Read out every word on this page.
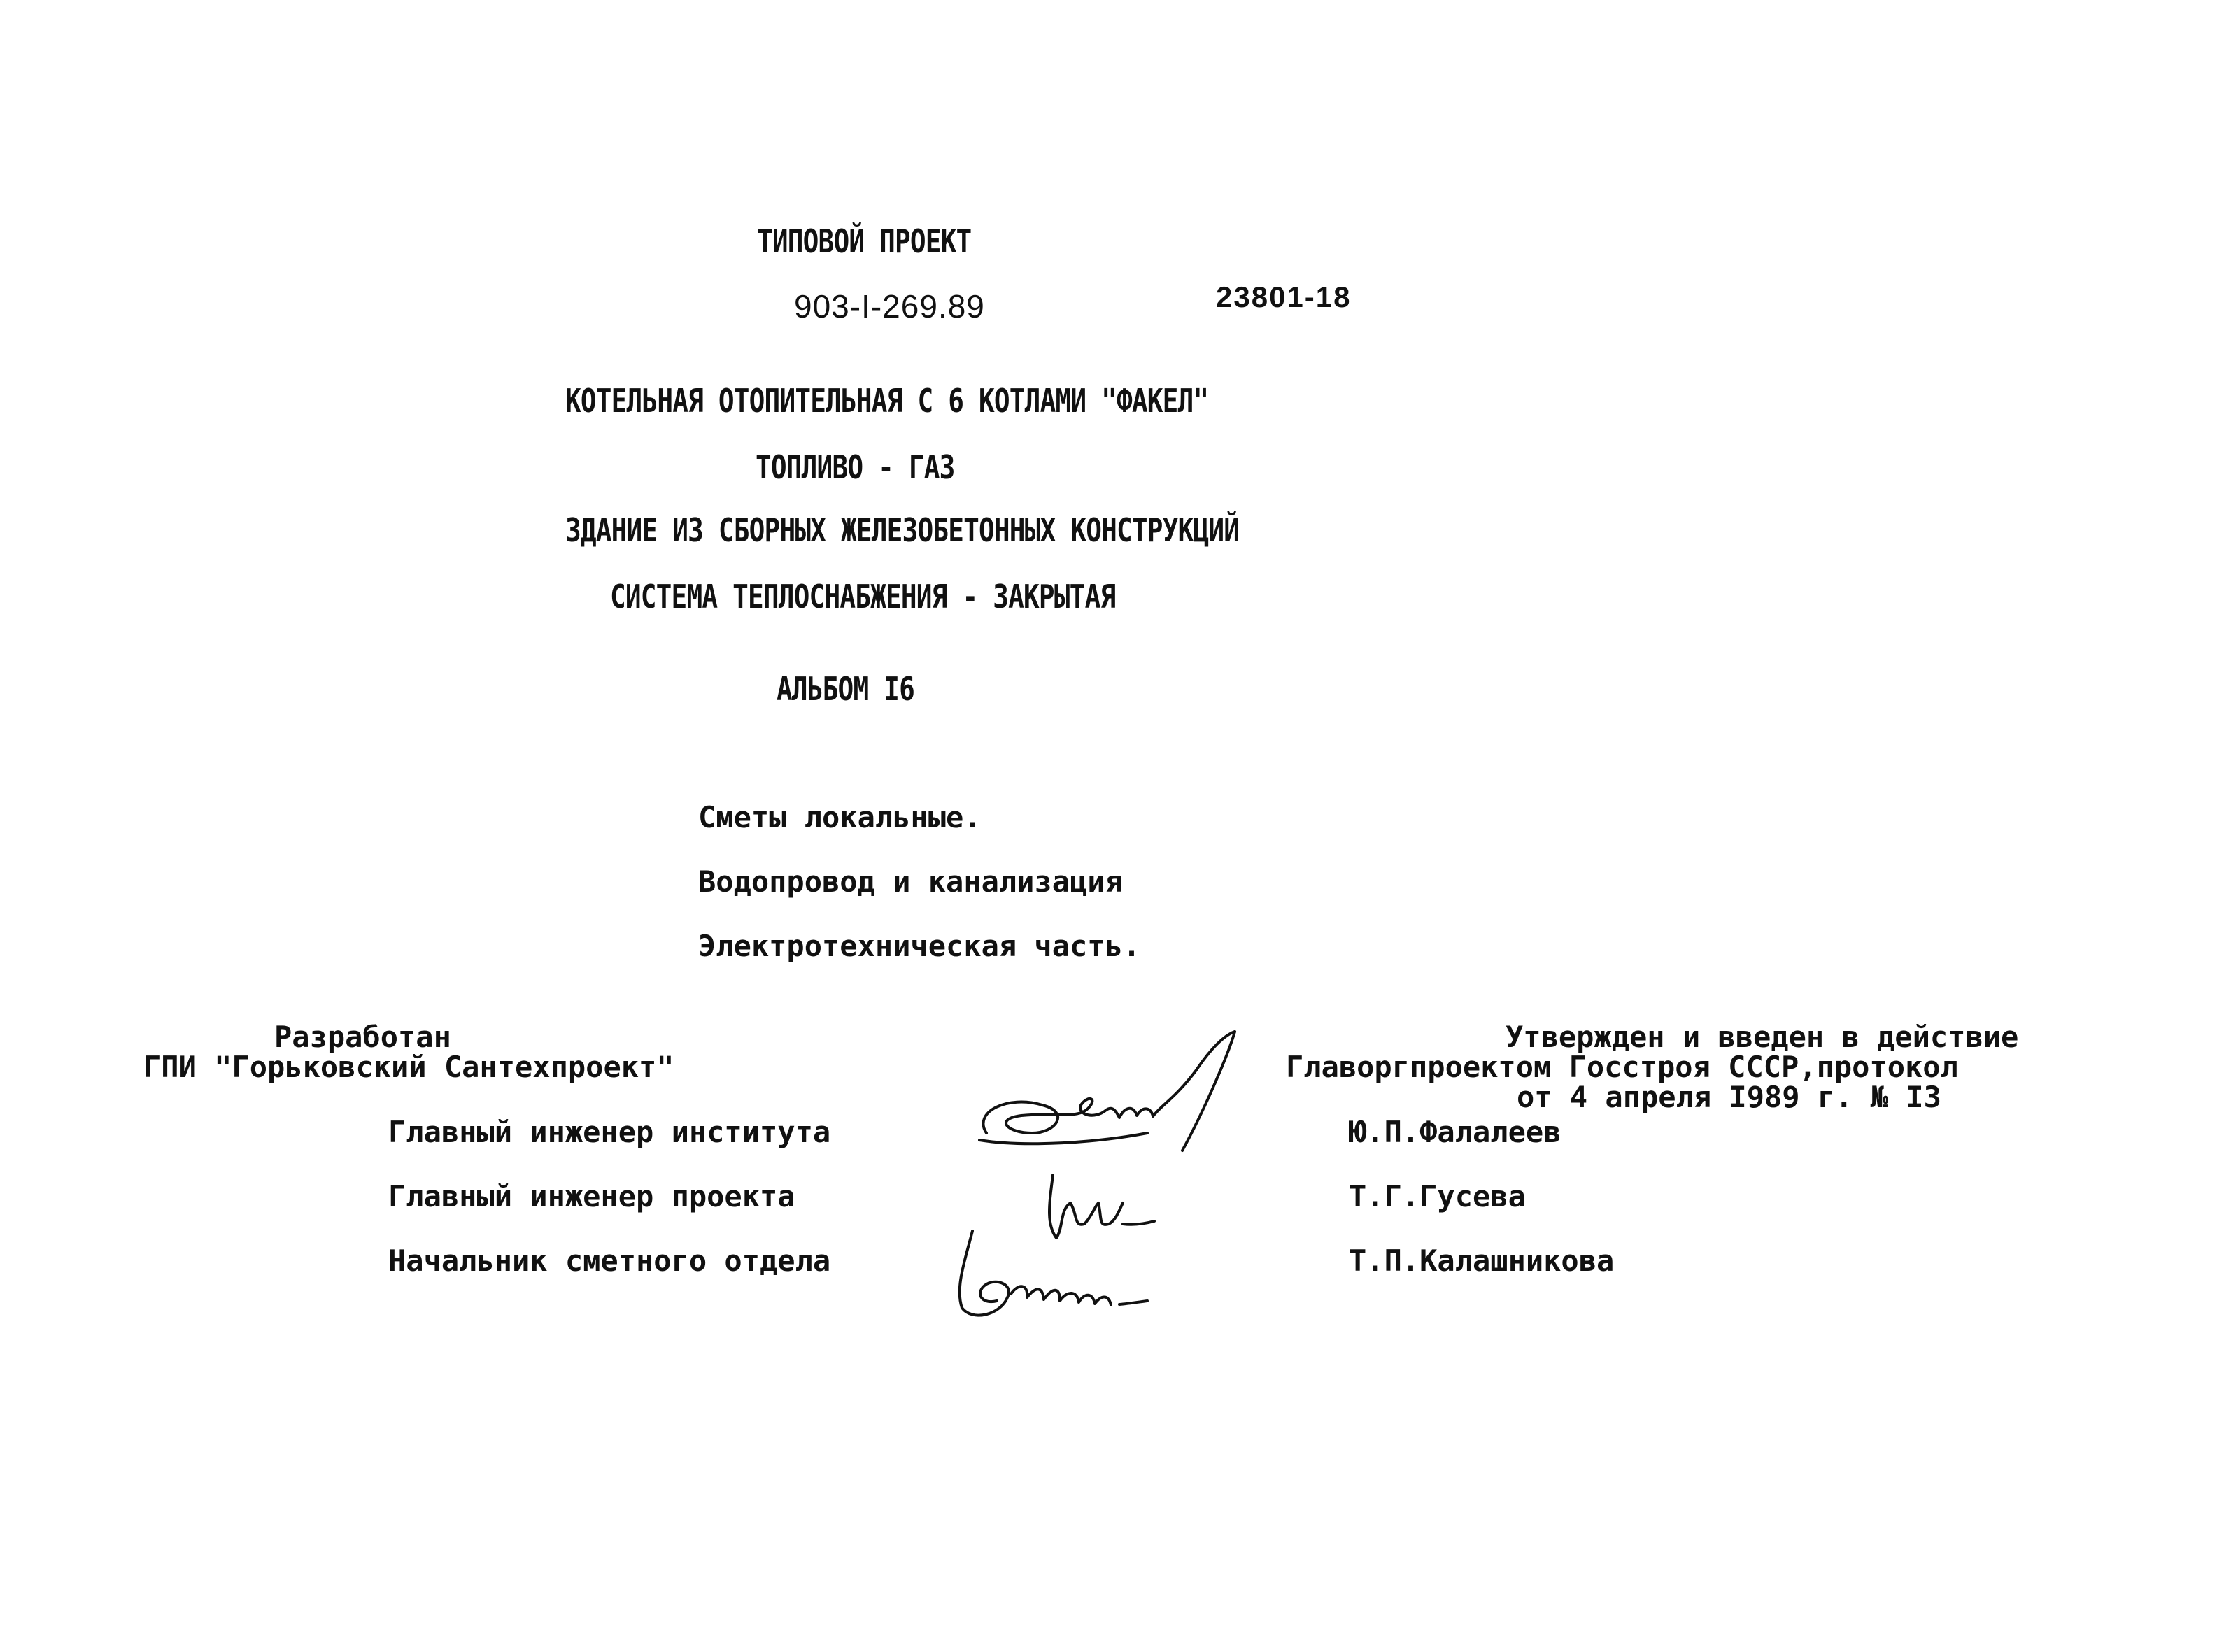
ТИПОВОЙ ПРОЕКТ
903-I-269.89	23801-18
КОТЕЛЬНАЯ ОТОПИТЕЛЬНАЯ С 6 КОТЛАМИ "ФАКЕЛ"
ТОПЛИВО - ГАЗ
ЗДАНИЕ ИЗ СБОРНЫХ ЖЕЛЕЗОБЕТОННЫХ КОНСТРУКЦИЙ
СИСТЕМА ТЕПЛОСНАБЖЕНИЯ - ЗАКРЫТАЯ
АЛЬБОМ I6
Сметы локальные.
Водопровод и канализация
Электротехническая часть.
Разработан
ГПИ "Горьковский Сантехпроект"
Утвержден и введен в действие
Главоргпроектом Госстроя СССР,протокол
от 4 апреля I989 г. № I3
Главный инженер института
Главный инженер проекта
Начальник сметного отдела
Ю.П.Фалалеев
Т.Г.Гусева
Т.П.Калашникова
